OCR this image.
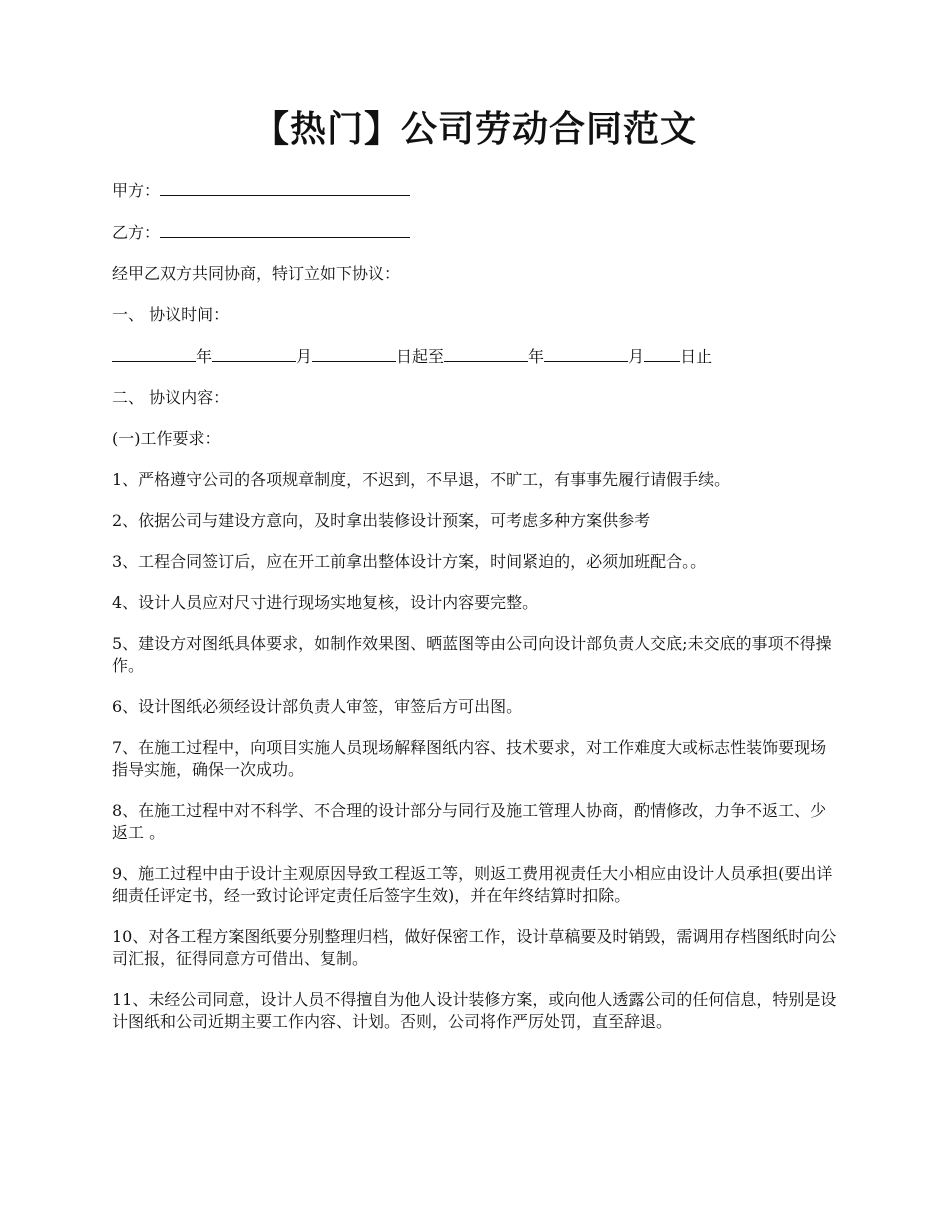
【热门】公司劳动合同范文

甲方：

乙方：

经甲乙双方共同协商，特订立如下协议：

一、 协议时间：

年	月	日起至	年	月 日止

二、 协议内容：

(一)工作要求：

1、严格遵守公司的各项规章制度，不迟到，不早退，不旷工，有事事先履行请假手续。

2、依据公司与建设方意向，及时拿出装修设计预案，可考虑多种方案供参考

3、工程合同签订后，应在开工前拿出整体设计方案，时间紧迫的，必须加班配合。。

4、设计人员应对尺寸进行现场实地复核，设计内容要完整。

5、建设方对图纸具体要求，如制作效果图、晒蓝图等由公司向设计部负责人交底;未交底的事项不得操作。

6、设计图纸必须经设计部负责人审签，审签后方可出图。

7、在施工过程中，向项目实施人员现场解释图纸内容、技术要求，对工作难度大或标志性装饰要现场指导实施，确保一次成功。

8、在施工过程中对不科学、不合理的设计部分与同行及施工管理人协商，酌情修改，力争不返工、少返工 。

9、施工过程中由于设计主观原因导致工程返工等，则返工费用视责任大小相应由设计人员承担(要出详细责任评定书，经一致讨论评定责任后签字生效)，并在年终结算时扣除。

10、对各工程方案图纸要分别整理归档，做好保密工作，设计草稿要及时销毁，需调用存档图纸时向公司汇报，征得同意方可借出、复制。

11、未经公司同意，设计人员不得擅自为他人设计装修方案，或向他人透露公司的任何信息，特别是设计图纸和公司近期主要工作内容、计划。否则，公司将作严厉处罚，直至辞退。
